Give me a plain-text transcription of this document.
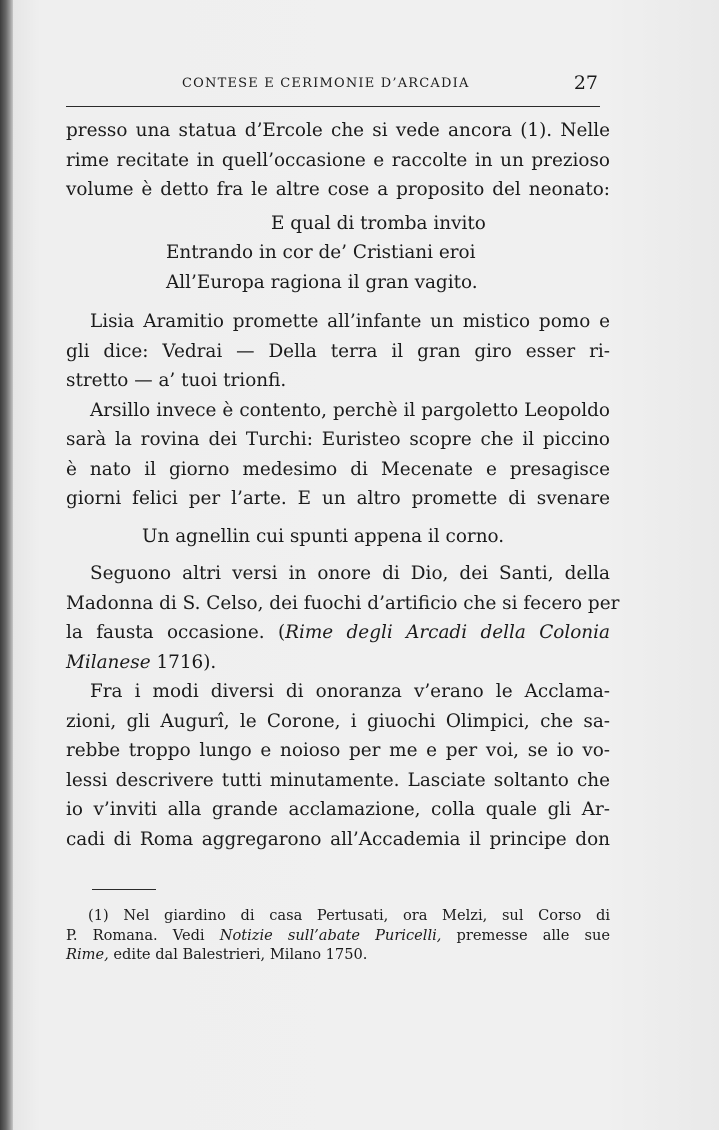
CONTESE E CERIMONIE D’ARCADIA	27
presso una statua d’Ercole che si vede ancora (1). Nelle
rime recitate in quell’occasione e raccolte in un prezioso
volume è detto fra le altre cose a proposito del neonato:
E qual di tromba invito
Entrando in cor de’ Cristiani eroi
All’Europa ragiona il gran vagito.
Lisia Aramitio promette all’infante un mistico pomo e
gli dice: Vedrai — Della terra il gran giro esser ri-
stretto — a’ tuoi trionfi.
Arsillo invece è contento, perchè il pargoletto Leopoldo
sarà la rovina dei Turchi: Euristeo scopre che il piccino
è nato il giorno medesimo di Mecenate e presagisce
giorni felici per l’arte. E un altro promette di svenare
Un agnellin cui spunti appena il corno.
Seguono altri versi in onore di Dio, dei Santi, della
Madonna di S. Celso, dei fuochi d’artificio che si fecero per
la fausta occasione. (Rime degli Arcadi della Colonia
Milanese 1716).
Fra i modi diversi di onoranza v’erano le Acclama-
zioni, gli Augurî, le Corone, i giuochi Olimpici, che sa-
rebbe troppo lungo e noioso per me e per voi, se io vo-
lessi descrivere tutti minutamente. Lasciate soltanto che
io v’inviti alla grande acclamazione, colla quale gli Ar-
cadi di Roma aggregarono all’Accademia il principe don
(1) Nel giardino di casa Pertusati, ora Melzi, sul Corso di
P. Romana. Vedi Notizie sull’abate Puricelli, premesse alle sue
Rime, edite dal Balestrieri, Milano 1750.
